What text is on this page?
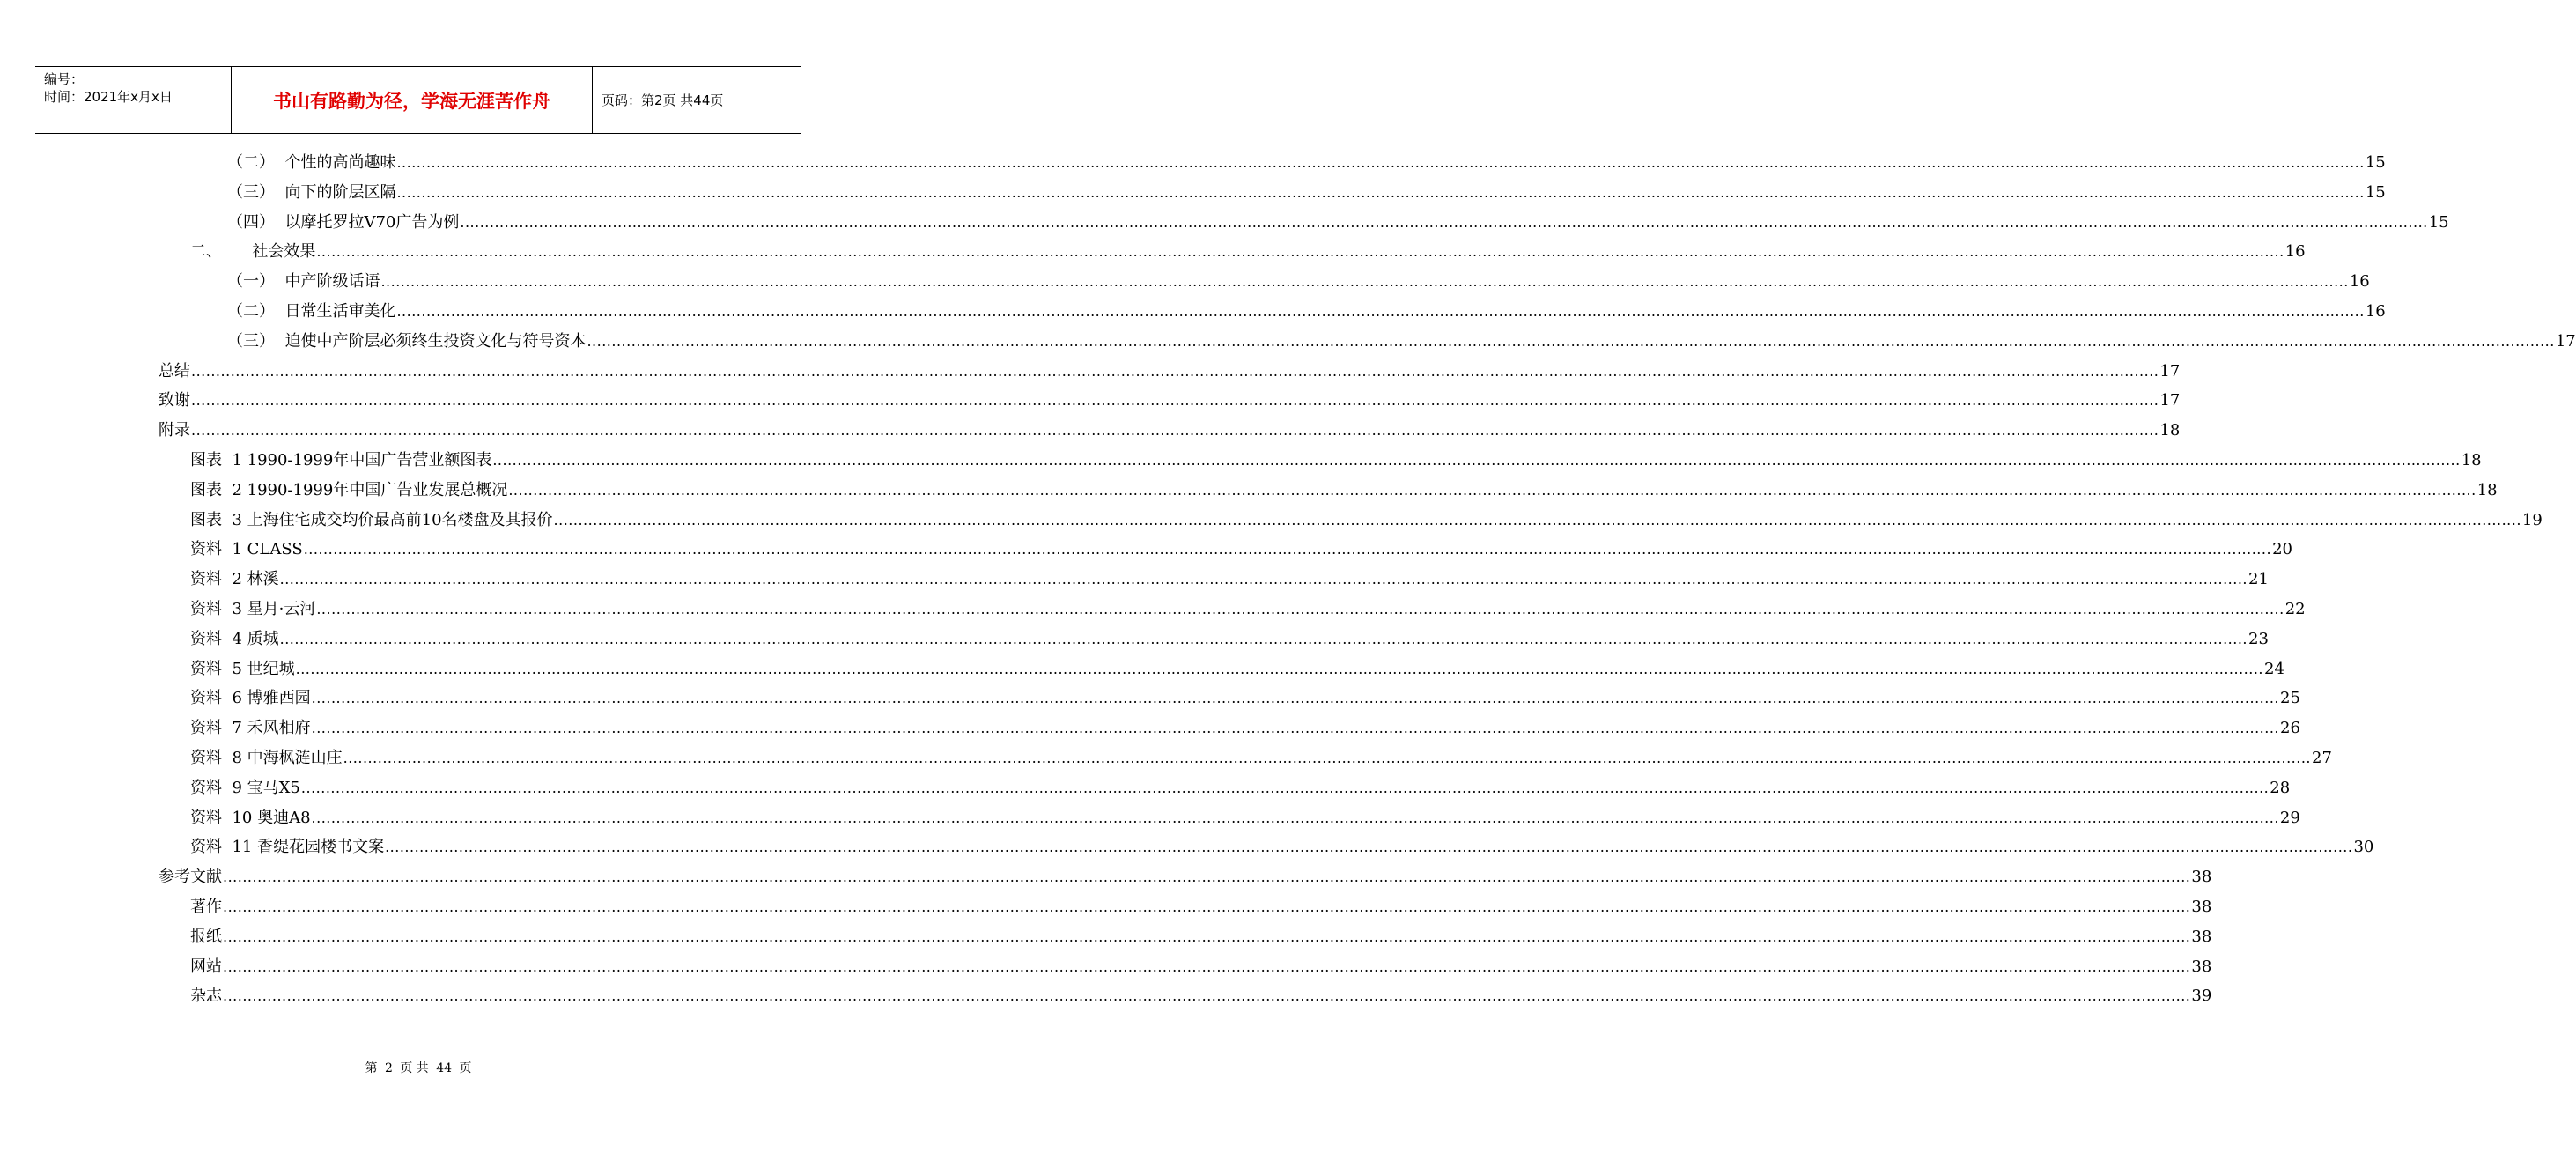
编号：
时间：2021年x月x日	书山有路勤为径，学海无涯苦作舟	页码：第2页 共44页
（二）  个性的高尚趣味 ................................................................................................................................................................................................................................................................................................................................................................................................................ 15
（三）  向下的阶层区隔 ................................................................................................................................................................................................................................................................................................................................................................................................................ 15
（四）  以摩托罗拉V70广告为例 ................................................................................................................................................................................................................................................................................................................................................................................................................ 15
二、      社会效果 ................................................................................................................................................................................................................................................................................................................................................................................................................ 16
（一）  中产阶级话语 ................................................................................................................................................................................................................................................................................................................................................................................................................ 16
（二）  日常生活审美化 ................................................................................................................................................................................................................................................................................................................................................................................................................ 16
（三）  迫使中产阶层必须终生投资文化与符号资本 ................................................................................................................................................................................................................................................................................................................................................................................................................ 17
总结 ................................................................................................................................................................................................................................................................................................................................................................................................................ 17
致谢 ................................................................................................................................................................................................................................................................................................................................................................................................................ 17
附录 ................................................................................................................................................................................................................................................................................................................................................................................................................ 18
图表  1 1990-1999年中国广告营业额图表 ................................................................................................................................................................................................................................................................................................................................................................................................................ 18
图表  2 1990-1999年中国广告业发展总概况 ................................................................................................................................................................................................................................................................................................................................................................................................................ 18
图表  3 上海住宅成交均价最高前10名楼盘及其报价 ................................................................................................................................................................................................................................................................................................................................................................................................................ 19
资料  1 CLASS ................................................................................................................................................................................................................................................................................................................................................................................................................ 20
资料  2 林溪 ................................................................................................................................................................................................................................................................................................................................................................................................................ 21
资料  3 星月·云河 ................................................................................................................................................................................................................................................................................................................................................................................................................ 22
资料  4 质城 ................................................................................................................................................................................................................................................................................................................................................................................................................ 23
资料  5 世纪城 ................................................................................................................................................................................................................................................................................................................................................................................................................ 24
资料  6 博雅西园 ................................................................................................................................................................................................................................................................................................................................................................................................................ 25
资料  7 禾风相府 ................................................................................................................................................................................................................................................................................................................................................................................................................ 26
资料  8 中海枫涟山庄 ................................................................................................................................................................................................................................................................................................................................................................................................................ 27
资料  9 宝马X5 ................................................................................................................................................................................................................................................................................................................................................................................................................ 28
资料  10 奥迪A8 ................................................................................................................................................................................................................................................................................................................................................................................................................ 29
资料  11 香缇花园楼书文案 ................................................................................................................................................................................................................................................................................................................................................................................................................ 30
参考文献 ................................................................................................................................................................................................................................................................................................................................................................................................................ 38
著作 ................................................................................................................................................................................................................................................................................................................................................................................................................ 38
报纸 ................................................................................................................................................................................................................................................................................................................................................................................................................ 38
网站 ................................................................................................................................................................................................................................................................................................................................................................................................................ 38
杂志 ................................................................................................................................................................................................................................................................................................................................................................................................................ 39
第 2 页 共 44 页
